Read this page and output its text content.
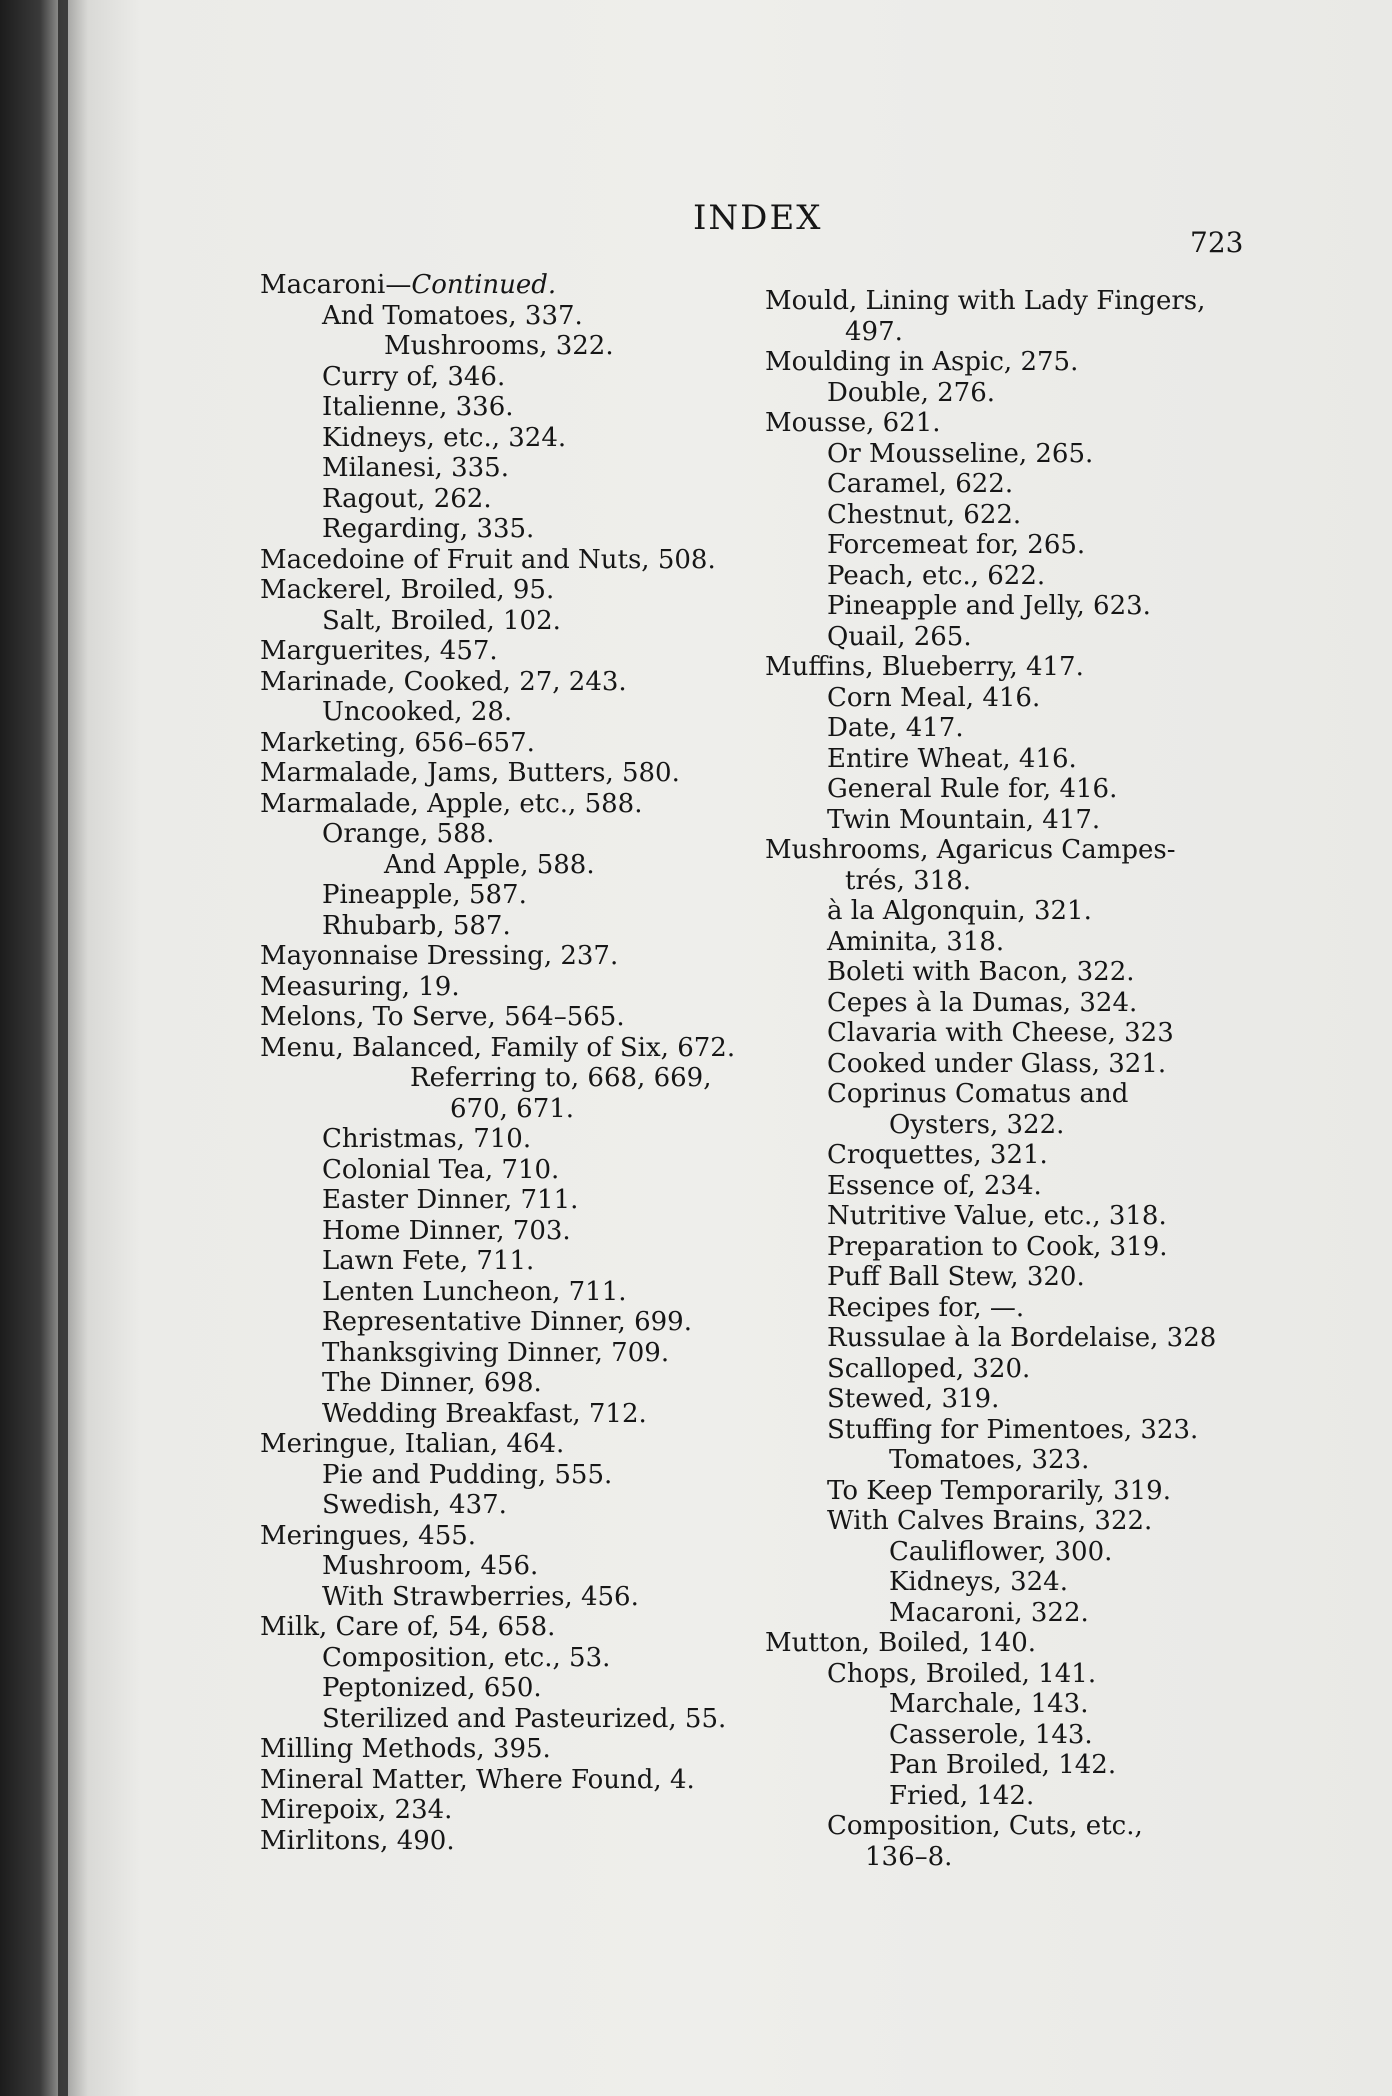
INDEX
723
Macaroni—Continued.
And Tomatoes, 337.
Mushrooms, 322.
Curry of, 346.
Italienne, 336.
Kidneys, etc., 324.
Milanesi, 335.
Ragout, 262.
Regarding, 335.
Macedoine of Fruit and Nuts, 508.
Mackerel, Broiled, 95.
Salt, Broiled, 102.
Marguerites, 457.
Marinade, Cooked, 27, 243.
Uncooked, 28.
Marketing, 656–657.
Marmalade, Jams, Butters, 580.
Marmalade, Apple, etc., 588.
Orange, 588.
And Apple, 588.
Pineapple, 587.
Rhubarb, 587.
Mayonnaise Dressing, 237.
Measuring, 19.
Melons, To Serve, 564–565.
Menu, Balanced, Family of Six, 672.
Referring to, 668, 669,
670, 671.
Christmas, 710.
Colonial Tea, 710.
Easter Dinner, 711.
Home Dinner, 703.
Lawn Fete, 711.
Lenten Luncheon, 711.
Representative Dinner, 699.
Thanksgiving Dinner, 709.
The Dinner, 698.
Wedding Breakfast, 712.
Meringue, Italian, 464.
Pie and Pudding, 555.
Swedish, 437.
Meringues, 455.
Mushroom, 456.
With Strawberries, 456.
Milk, Care of, 54, 658.
Composition, etc., 53.
Peptonized, 650.
Sterilized and Pasteurized, 55.
Milling Methods, 395.
Mineral Matter, Where Found, 4.
Mirepoix, 234.
Mirlitons, 490.
Mould, Lining with Lady Fingers,
497.
Moulding in Aspic, 275.
Double, 276.
Mousse, 621.
Or Mousseline, 265.
Caramel, 622.
Chestnut, 622.
Forcemeat for, 265.
Peach, etc., 622.
Pineapple and Jelly, 623.
Quail, 265.
Muffins, Blueberry, 417.
Corn Meal, 416.
Date, 417.
Entire Wheat, 416.
General Rule for, 416.
Twin Mountain, 417.
Mushrooms, Agaricus Campes-
trés, 318.
à la Algonquin, 321.
Aminita, 318.
Boleti with Bacon, 322.
Cepes à la Dumas, 324.
Clavaria with Cheese, 323
Cooked under Glass, 321.
Coprinus Comatus and
Oysters, 322.
Croquettes, 321.
Essence of, 234.
Nutritive Value, etc., 318.
Preparation to Cook, 319.
Puff Ball Stew, 320.
Recipes for, —.
Russulae à la Bordelaise, 328
Scalloped, 320.
Stewed, 319.
Stuffing for Pimentoes, 323.
Tomatoes, 323.
To Keep Temporarily, 319.
With Calves Brains, 322.
Cauliflower, 300.
Kidneys, 324.
Macaroni, 322.
Mutton, Boiled, 140.
Chops, Broiled, 141.
Marchale, 143.
Casserole, 143.
Pan Broiled, 142.
Fried, 142.
Composition, Cuts, etc.,
136–8.
